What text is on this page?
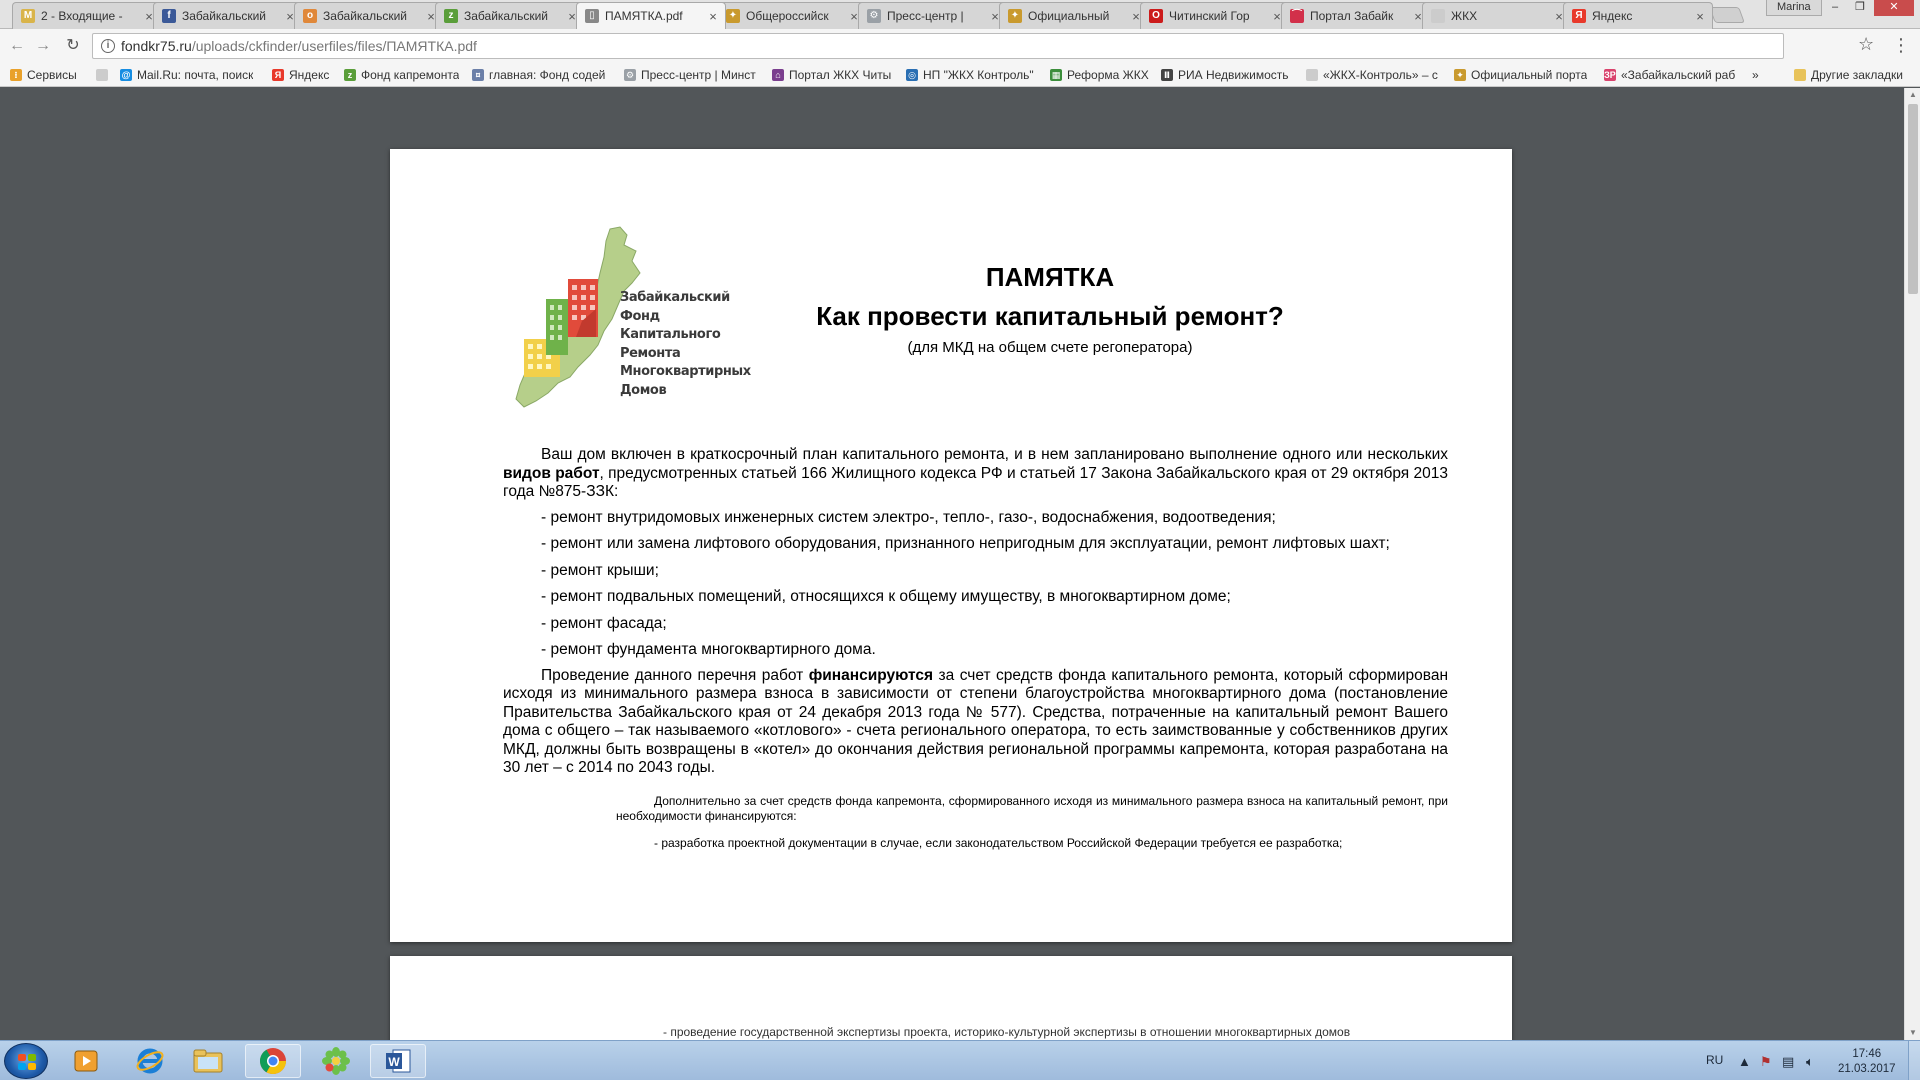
Marina	–	❐	✕
M 2 - Входящие -	×	f Забайкальский	×	o Забайкальский	×	z Забайкальский	×	▯ ПАМЯТКА.pdf	× ✦ Общероссийск	× ⚙ Пресс-центр |	× ✦ Официальный	×	O Читинский Гор	× ⌒ Портал Забайк	× ЖКХ	×	Я Яндекс	×
← → ↻	i fondkr75.ru/uploads/ckfinder/userfiles/files/ПАМЯТКА.pdf	☆ ⋮
»	Другие закладки
⁝ Сервисы	@ Mail.Ru: почта, поиск	Я Яндекс	z Фонд капремонта	¤ главная: Фонд содей ⚙ Пресс-центр | Минст	⌂ Портал ЖКХ Читы ◎ НП "ЖКХ Контроль" ▦ Реформа ЖКХ	Ⅱ РИА Недвижимость	«ЖКХ-Контроль» – с ✦ Официальный порта ЗР «Забайкальский раб
Забайкальский
Фонд
Капитального
Ремонта
Многоквартирных
Домов
ПАМЯТКА
Как провести капитальный ремонт?
(для МКД на общем счете регоператора)

Ваш дом включен в краткосрочный план капитального ремонта, и в нем запланировано выполнение одного или нескольких видов работ, предусмотренных статьей 166 Жилищного кодекса РФ и статьей 17 Закона Забайкальского края от 29 октября 2013 года №875-ЗЗК:

- ремонт внутридомовых инженерных систем электро-, тепло-, газо-, водоснабжения, водоотведения;
- ремонт или замена лифтового оборудования, признанного непригодным для эксплуатации, ремонт лифтовых шахт;
- ремонт крыши;
- ремонт подвальных помещений, относящихся к общему имуществу, в многоквартирном доме;
- ремонт фасада;
- ремонт фундамента многоквартирного дома.

Проведение данного перечня работ финансируются за счет средств фонда капитального ремонта, который сформирован исходя из минимального размера взноса в зависимости от степени благоустройства многоквартирного дома (постановление Правительства Забайкальского края от 24 декабря 2013 года № 577). Средства, потраченные на капитальный ремонт Вашего дома с общего – так называемого «котлового» - счета регионального оператора, то есть заимствованные у собственников других МКД, должны быть возвращены в «котел» до окончания действия региональной программы капремонта, которая разработана на 30 лет – с 2014 по 2043 годы.

Дополнительно за счет средств фонда капремонта, сформированного исходя из минимального размера взноса на капитальный ремонт, при необходимости финансируются:

- разработка проектной документации в случае, если законодательством Российской Федерации требуется ее разработка;

- проведение государственной экспертизы проекта, историко-культурной экспертизы в отношении многоквартирных домов
▲
▼
W	RU ▲ ⚑ ▤ 🔈︎	17:46
21.03.2017
